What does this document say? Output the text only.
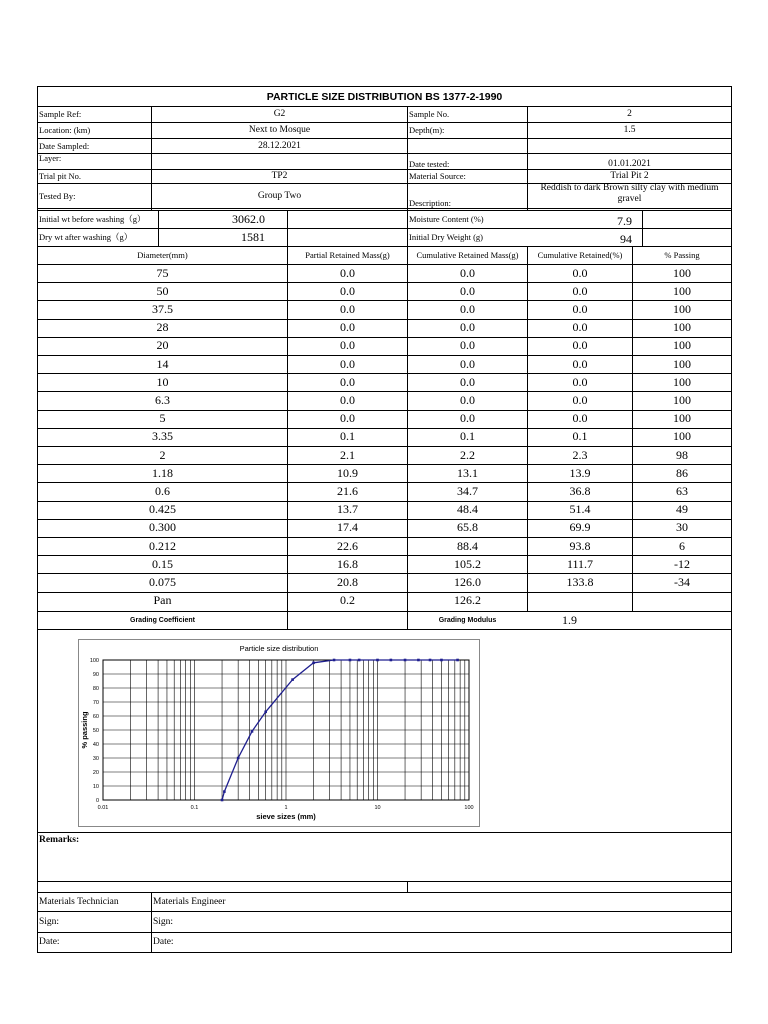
PARTICLE SIZE DISTRIBUTION BS 1377-2-1990
Sample Ref:	G2	Sample No.	2
Location: (km)	Next to Mosque	Depth(m):	1.5
Date Sampled:	28.12.2021
Layer:
Date tested:	01.01.2021
Trial pit No.	TP2	Material Source:	Trial Pit 2
Tested By:	Group Two
Description:
Reddish to dark Brown silty clay with medium gravel
Initial wt before washing（g）	3062.0	Moisture Content (%)	7.9
Dry wt after washing（g）	1581	Initial Dry Weight (g)	94
Diameter(mm)	Partial Retained Mass(g)	Cumulative Retained Mass(g)	Cumulative Retained(%)	% Passing
75	0.0	0.0	0.0	100
50	0.0	0.0	0.0	100
37.5	0.0	0.0	0.0	100
28	0.0	0.0	0.0	100
20	0.0	0.0	0.0	100
14	0.0	0.0	0.0	100
10	0.0	0.0	0.0	100
6.3	0.0	0.0	0.0	100
5	0.0	0.0	0.0	100
3.35	0.1	0.1	0.1	100
2	2.1	2.2	2.3	98
1.18	10.9	13.1	13.9	86
0.6	21.6	34.7	36.8	63
0.425	13.7	48.4	51.4	49
0.300	17.4	65.8	69.9	30
0.212	22.6	88.4	93.8	6
0.15	16.8	105.2	111.7	-12
0.075	20.8	126.0	133.8	-34
Pan	0.2	126.2
Grading Coefficient	Grading Modulus	1.9
0
10
20
30
40
50
60
70
80
90
100
0.01	0.1	1	10	100
Particle size distribution
sieve sizes (mm)
% passing
Remarks:
Materials Technician	Materials Engineer
Sign:	Sign:
Date:	Date:
